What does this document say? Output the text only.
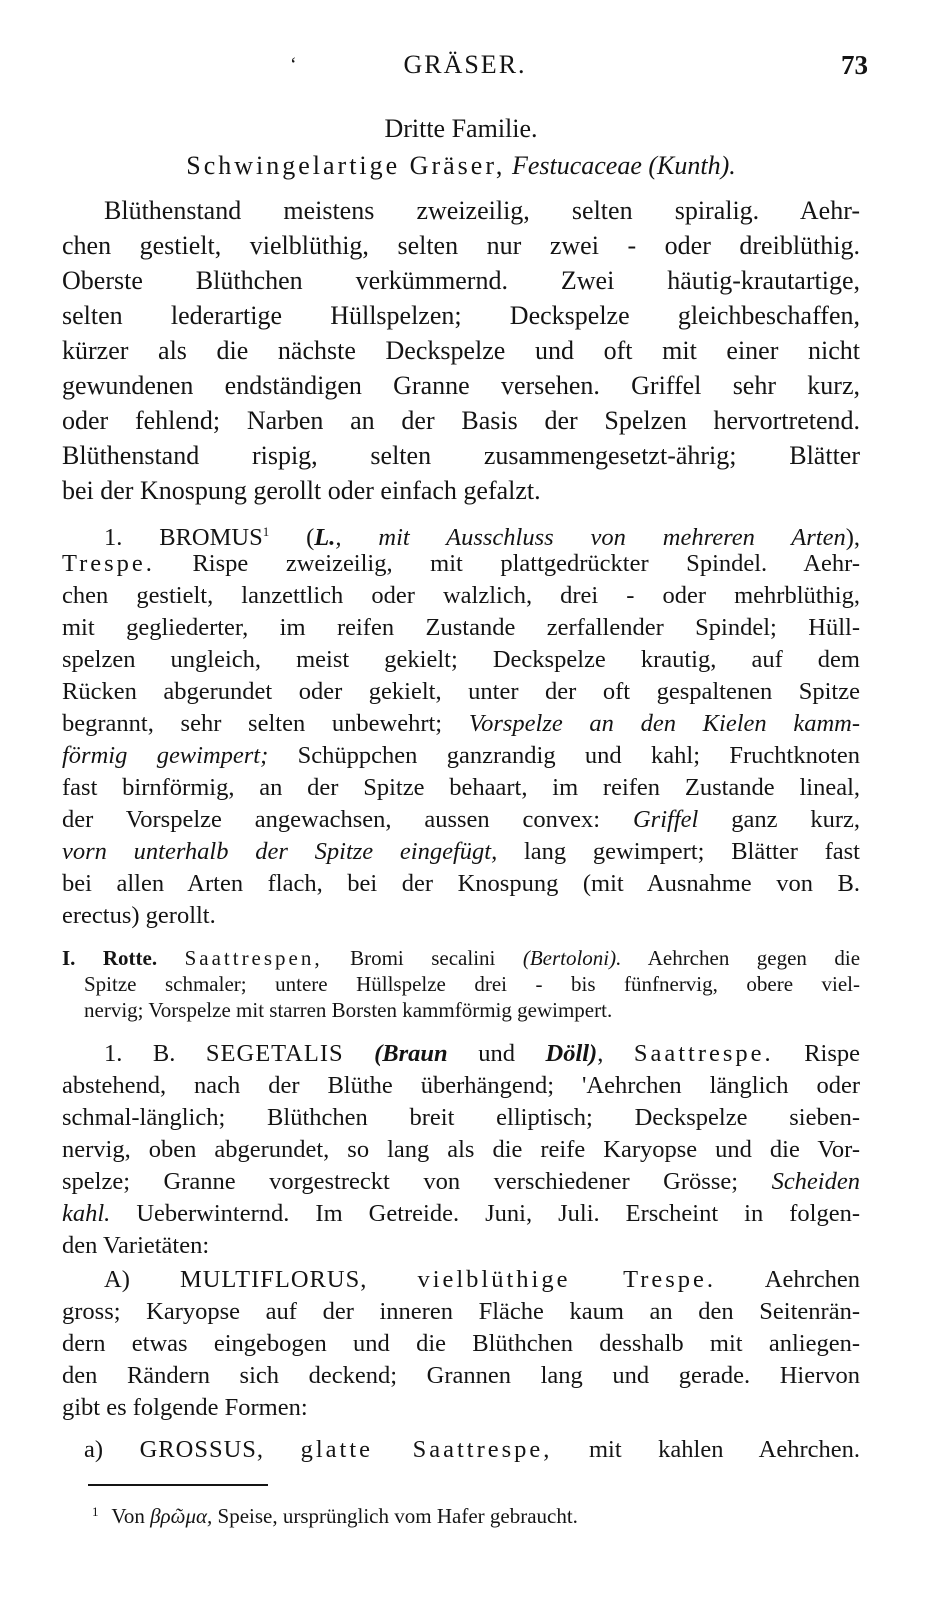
‘	GRÄSER.	73
Dritte Familie.
Schwingelartige Gräser, Festucaceae (Kunth).
Blüthenstand meistens zweizeilig, selten spiralig. Aehr-
chen gestielt, vielblüthig, selten nur zwei - oder dreiblüthig.
Oberste Blüthchen verkümmernd. Zwei häutig-krautartige,
selten lederartige Hüllspelzen; Deckspelze gleichbeschaffen,
kürzer als die nächste Deckspelze und oft mit einer nicht
gewundenen endständigen Granne versehen. Griffel sehr kurz,
oder fehlend; Narben an der Basis der Spelzen hervortretend.
Blüthenstand rispig, selten zusammengesetzt-ährig; Blätter
bei der Knospung gerollt oder einfach gefalzt.
1. BROMUS$^1$ (L., mit Ausschluss von mehreren Arten),
Trespe. Rispe zweizeilig, mit plattgedrückter Spindel. Aehr-
chen gestielt, lanzettlich oder walzlich, drei - oder mehrblüthig,
mit gegliederter, im reifen Zustande zerfallender Spindel; Hüll-
spelzen ungleich, meist gekielt; Deckspelze krautig, auf dem
Rücken abgerundet oder gekielt, unter der oft gespaltenen Spitze
begrannt, sehr selten unbewehrt; Vorspelze an den Kielen kamm-
förmig gewimpert; Schüppchen ganzrandig und kahl; Fruchtknoten
fast birnförmig, an der Spitze behaart, im reifen Zustande lineal,
der Vorspelze angewachsen, aussen convex: Griffel ganz kurz,
vorn unterhalb der Spitze eingefügt, lang gewimpert; Blätter fast
bei allen Arten flach, bei der Knospung (mit Ausnahme von B.
erectus) gerollt.
I. Rotte. Saattrespen, Bromi secalini (Bertoloni). Aehrchen gegen die
Spitze schmaler; untere Hüllspelze drei - bis fünfnervig, obere viel-
nervig; Vorspelze mit starren Borsten kammförmig gewimpert.
1. B. SEGETALIS (Braun und Döll), Saattrespe. Rispe
abstehend, nach der Blüthe überhängend; 'Aehrchen länglich oder
schmal-länglich; Blüthchen breit elliptisch; Deckspelze sieben-
nervig, oben abgerundet, so lang als die reife Karyopse und die Vor-
spelze; Granne vorgestreckt von verschiedener Grösse; Scheiden
kahl. Ueberwinternd. Im Getreide. Juni, Juli. Erscheint in folgen-
den Varietäten:
A) MULTIFLORUS, vielblüthige Trespe. Aehrchen
gross; Karyopse auf der inneren Fläche kaum an den Seitenrän-
dern etwas eingebogen und die Blüthchen desshalb mit anliegen-
den Rändern sich deckend; Grannen lang und gerade. Hiervon
gibt es folgende Formen:
a) GROSSUS, glatte Saattrespe, mit kahlen Aehrchen.
$^1$ Von βρῶμα, Speise, ursprünglich vom Hafer gebraucht.
